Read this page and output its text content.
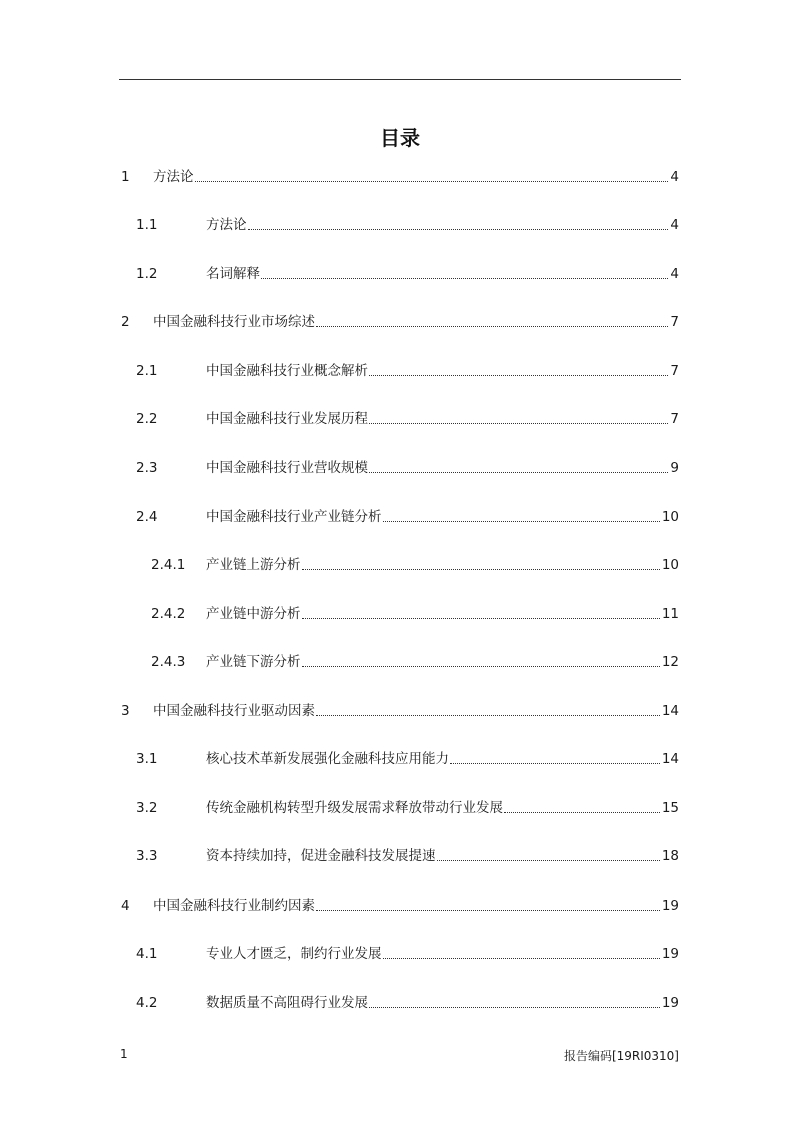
目录
1	方法论	4
1.1	方法论	4
1.2	名词解释	4
2	中国金融科技行业市场综述	7
2.1	中国金融科技行业概念解析	7
2.2	中国金融科技行业发展历程	7
2.3	中国金融科技行业营收规模	9
2.4	中国金融科技行业产业链分析	10
2.4.1	产业链上游分析	10
2.4.2	产业链中游分析	11
2.4.3	产业链下游分析	12
3	中国金融科技行业驱动因素	14
3.1	核心技术革新发展强化金融科技应用能力	14
3.2	传统金融机构转型升级发展需求释放带动行业发展	15
3.3	资本持续加持，促进金融科技发展提速	18
4	中国金融科技行业制约因素	19
4.1	专业人才匮乏，制约行业发展	19
4.2	数据质量不高阻碍行业发展	19
1	报告编码[19RI0310]
